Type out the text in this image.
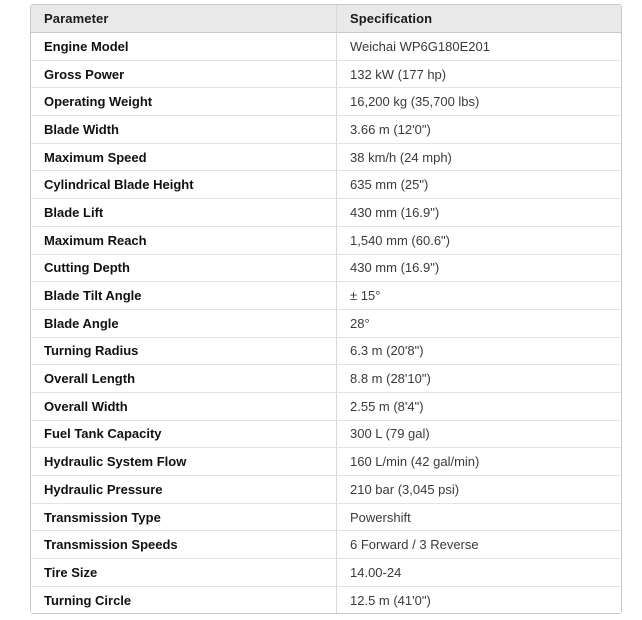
Parameter	Specification
Engine Model	Weichai WP6G180E201
Gross Power	132 kW (177 hp)
Operating Weight	16,200 kg (35,700 lbs)
Blade Width	3.66 m (12'0")
Maximum Speed	38 km/h (24 mph)
Cylindrical Blade Height	635 mm (25")
Blade Lift	430 mm (16.9")
Maximum Reach	1,540 mm (60.6")
Cutting Depth	430 mm (16.9")
Blade Tilt Angle	± 15°
Blade Angle	28°
Turning Radius	6.3 m (20'8")
Overall Length	8.8 m (28'10")
Overall Width	2.55 m (8'4")
Fuel Tank Capacity	300 L (79 gal)
Hydraulic System Flow	160 L/min (42 gal/min)
Hydraulic Pressure	210 bar (3,045 psi)
Transmission Type	Powershift
Transmission Speeds	6 Forward / 3 Reverse
Tire Size	14.00-24
Turning Circle	12.5 m (41'0")
